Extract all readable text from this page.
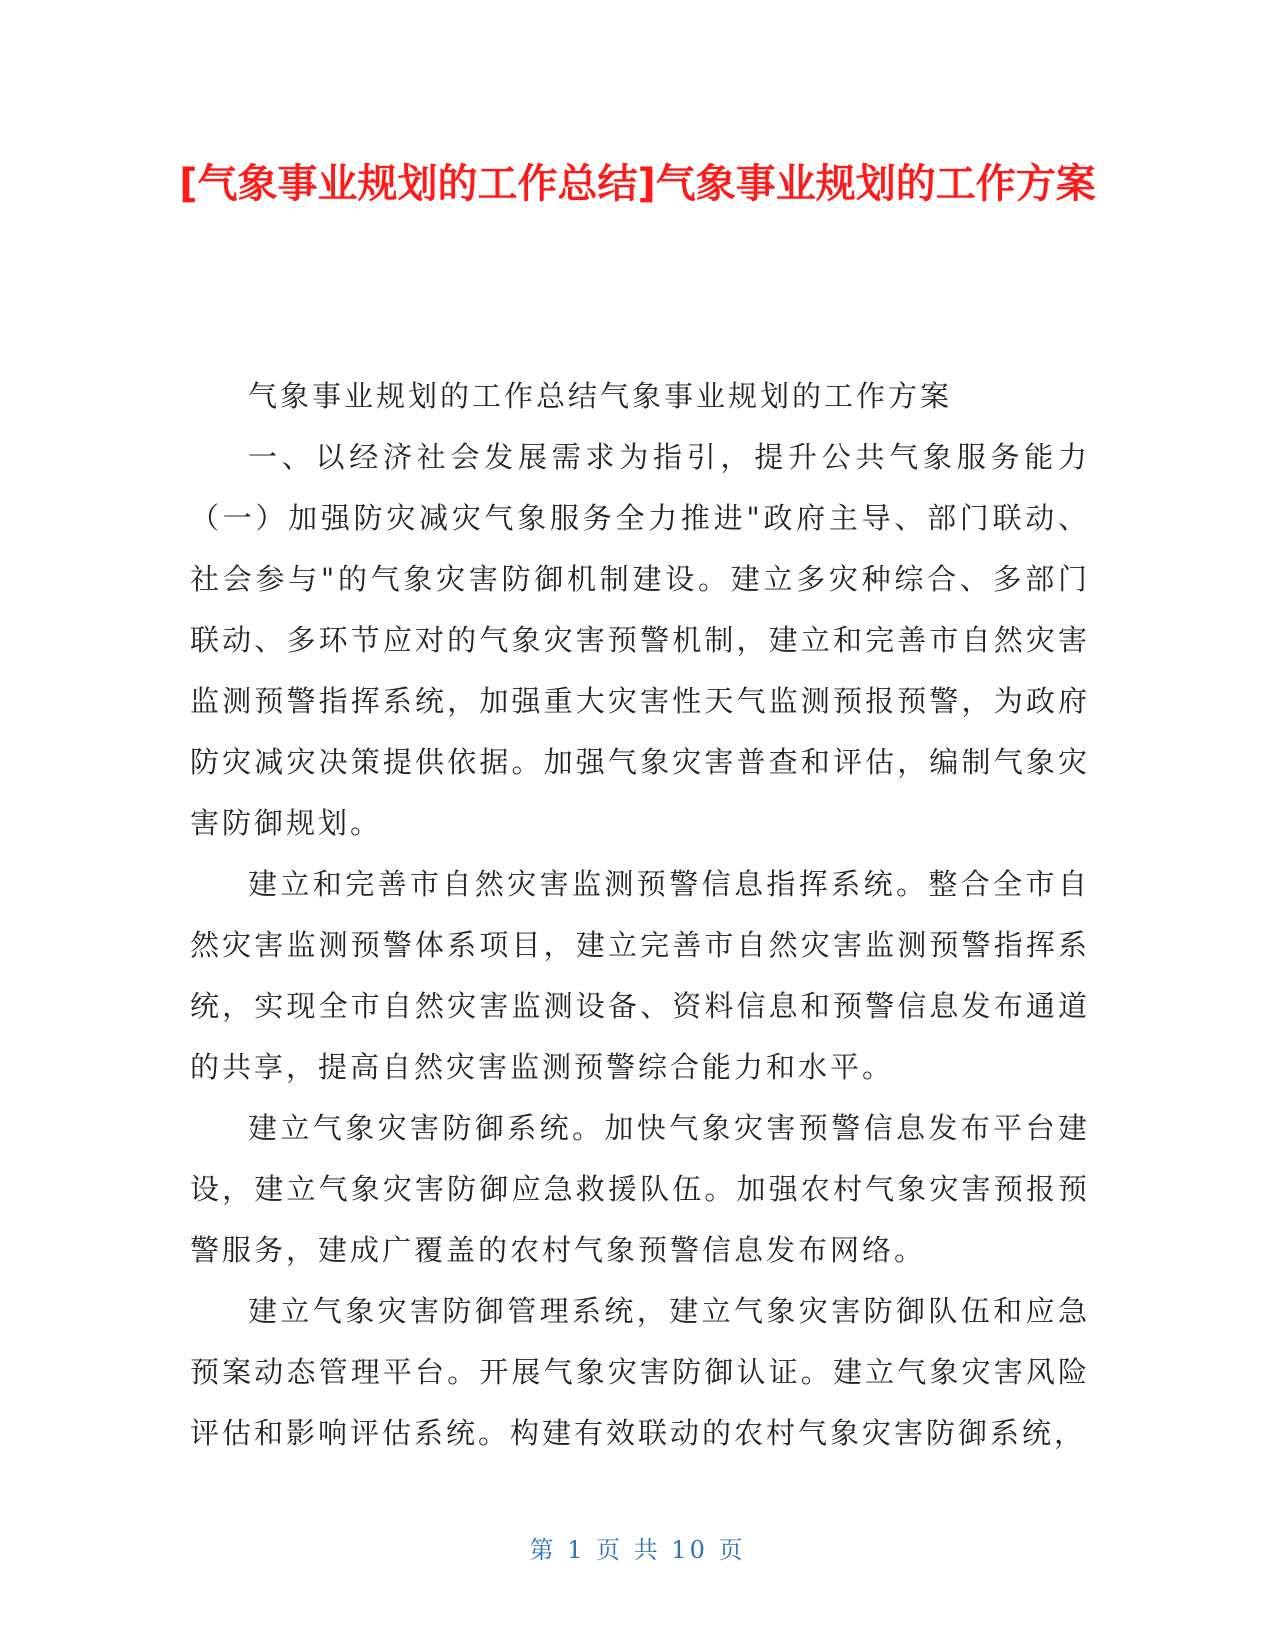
[气象事业规划的工作总结]气象事业规划的工作方案

气象事业规划的工作总结气象事业规划的工作方案

一、以经济社会发展需求为指引，提升公共气象服务能力（一）加强防灾减灾气象服务全力推进"政府主导、部门联动、社会参与"的气象灾害防御机制建设。建立多灾种综合、多部门联动、多环节应对的气象灾害预警机制，建立和完善市自然灾害监测预警指挥系统，加强重大灾害性天气监测预报预警，为政府防灾减灾决策提供依据。加强气象灾害普查和评估，编制气象灾害防御规划。

建立和完善市自然灾害监测预警信息指挥系统。整合全市自然灾害监测预警体系项目，建立完善市自然灾害监测预警指挥系统，实现全市自然灾害监测设备、资料信息和预警信息发布通道的共享，提高自然灾害监测预警综合能力和水平。

建立气象灾害防御系统。加快气象灾害预警信息发布平台建设，建立气象灾害防御应急救援队伍。加强农村气象灾害预报预警服务，建成广覆盖的农村气象预警信息发布网络。

建立气象灾害防御管理系统，建立气象灾害防御队伍和应急预案动态管理平台。开展气象灾害防御认证。建立气象灾害风险评估和影响评估系统。构建有效联动的农村气象灾害防御系统，

第 1 页 共 10 页
